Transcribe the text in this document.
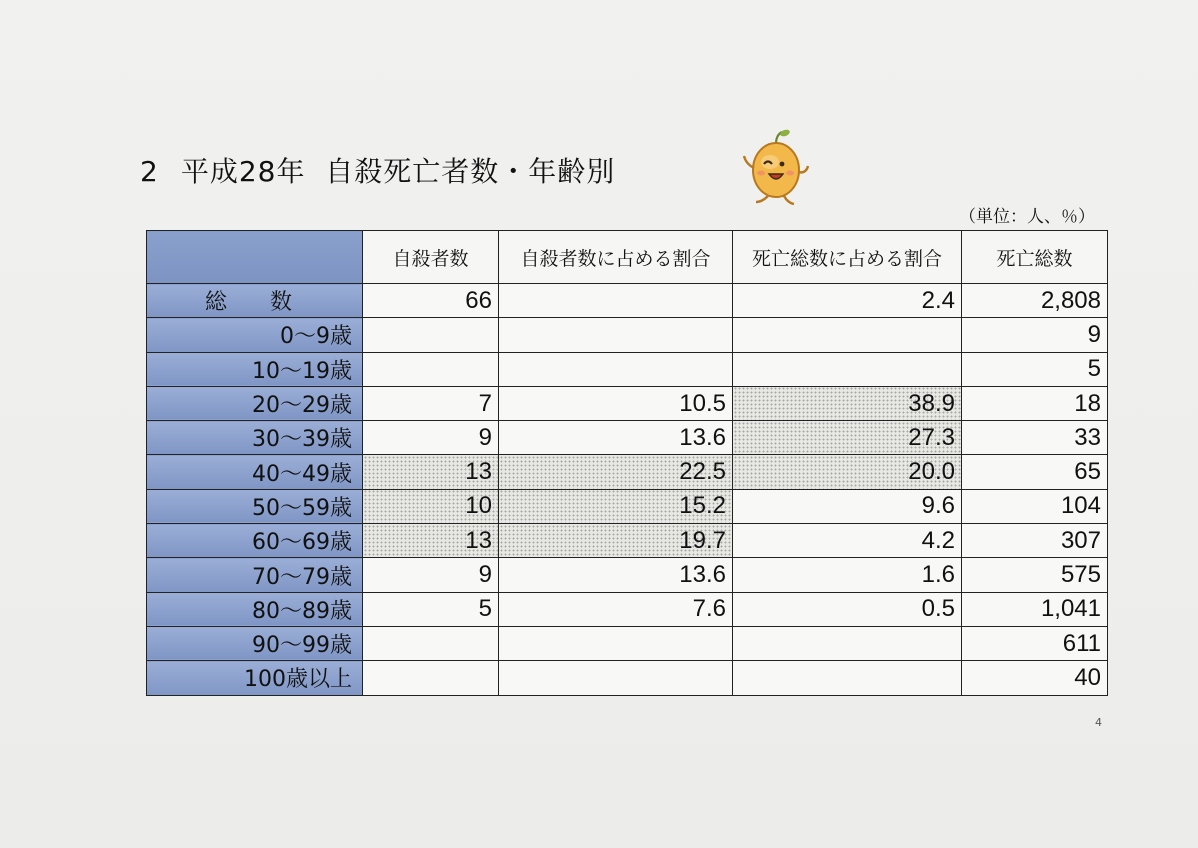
2 平成28年  自殺死亡者数・年齢別
（単位：人、％）
	自殺者数	自殺者数に占める割合	死亡総数に占める割合	死亡総数
総 数	66		2.4	2,808
0～9歳				9
10～19歳				5
20～29歳	7	10.5	38.9	18
30～39歳	9	13.6	27.3	33
40～49歳	13	22.5	20.0	65
50～59歳	10	15.2	9.6	104
60～69歳	13	19.7	4.2	307
70～79歳	9	13.6	1.6	575
80～89歳	5	7.6	0.5	1,041
90～99歳				611
100歳以上				40
4
